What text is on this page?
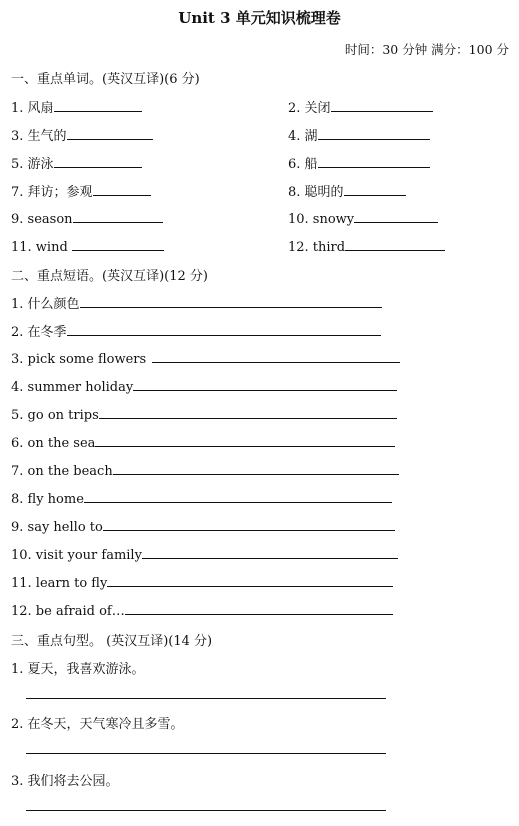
Unit 3 单元知识梳理卷
时间：30 分钟 满分：100 分
一、重点单词。(英汉互译)(6 分)
1. 风扇	2. 关闭
3. 生气的	4. 湖
5. 游泳	6. 船
7. 拜访；参观	8. 聪明的
9. season	10. snowy
11. wind	12. third
二、重点短语。(英汉互译)(12 分)
1. 什么颜色
2. 在冬季
3. pick some flowers
4. summer holiday
5. go on trips
6. on the sea
7. on the beach
8. fly home
9. say hello to
10. visit your family
11. learn to fly
12. be afraid of…
三、重点句型。 (英汉互译)(14 分)
1. 夏天，我喜欢游泳。
2. 在冬天，天气寒冷且多雪。
3. 我们将去公园。
